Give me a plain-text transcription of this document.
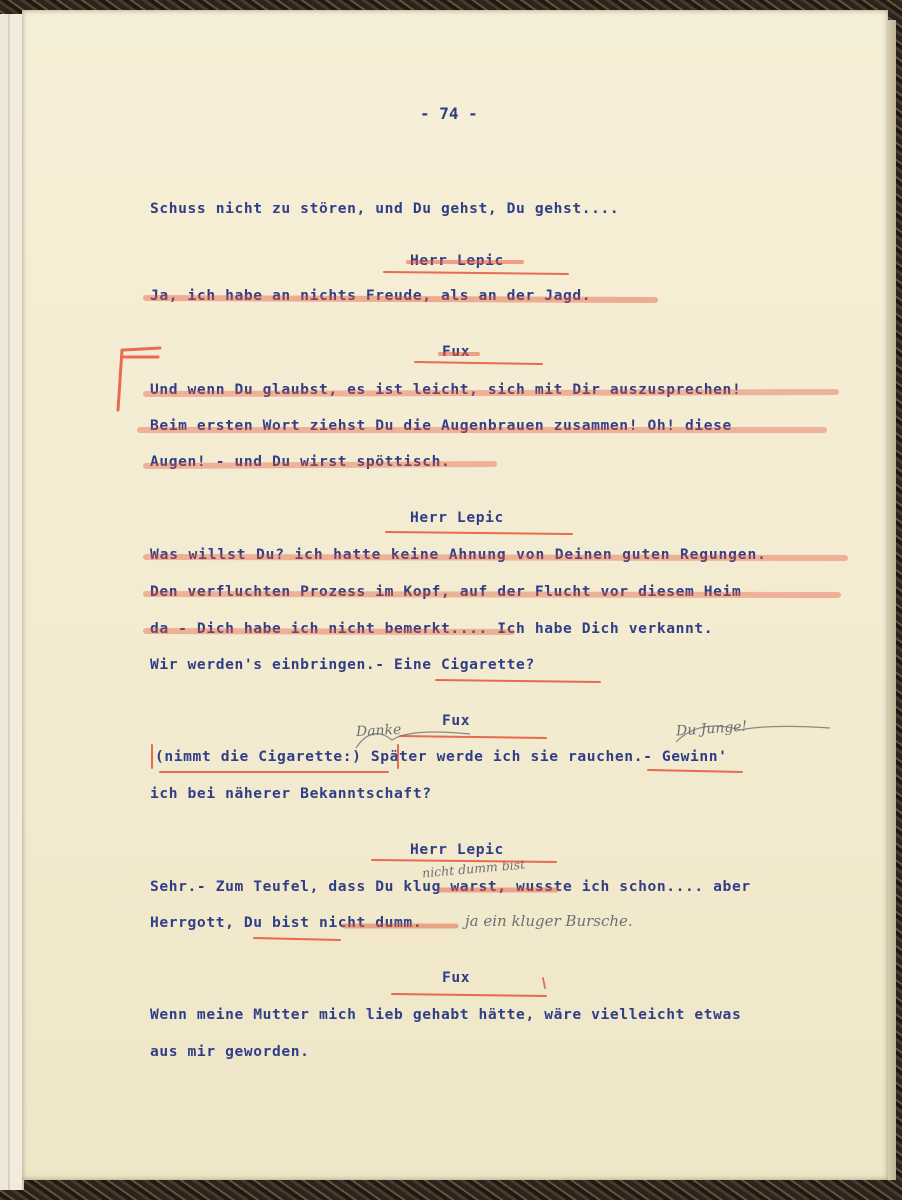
- 74 -
Schuss nicht zu stören, und Du gehst, Du gehst....
Herr Lepic
Ja, ich habe an nichts Freude, als an der Jagd.
Fux
Und wenn Du glaubst, es ist leicht, sich mit Dir auszusprechen!
Beim ersten Wort ziehst Du die Augenbrauen zusammen! Oh! diese
Augen! - und Du wirst spöttisch.
Herr Lepic
Was willst Du? ich hatte keine Ahnung von Deinen guten Regungen.
Den verfluchten Prozess im Kopf, auf der Flucht vor diesem Heim
da - Dich habe ich nicht bemerkt.... Ich habe Dich verkannt.
Wir werden's einbringen.- Eine Cigarette?
Fux
(nimmt die Cigarette:) Später werde ich sie rauchen.- Gewinn'
ich bei näherer Bekanntschaft?
Herr Lepic
Sehr.- Zum Teufel, dass Du klug warst, wusste ich schon.... aber
Herrgott, Du bist nicht dumm.
Fux
Wenn meine Mutter mich lieb gehabt hätte, wäre vielleicht etwas
aus mir geworden.
Danke	Du Junge!
nicht dumm bist
ja ein kluger Bursche.
